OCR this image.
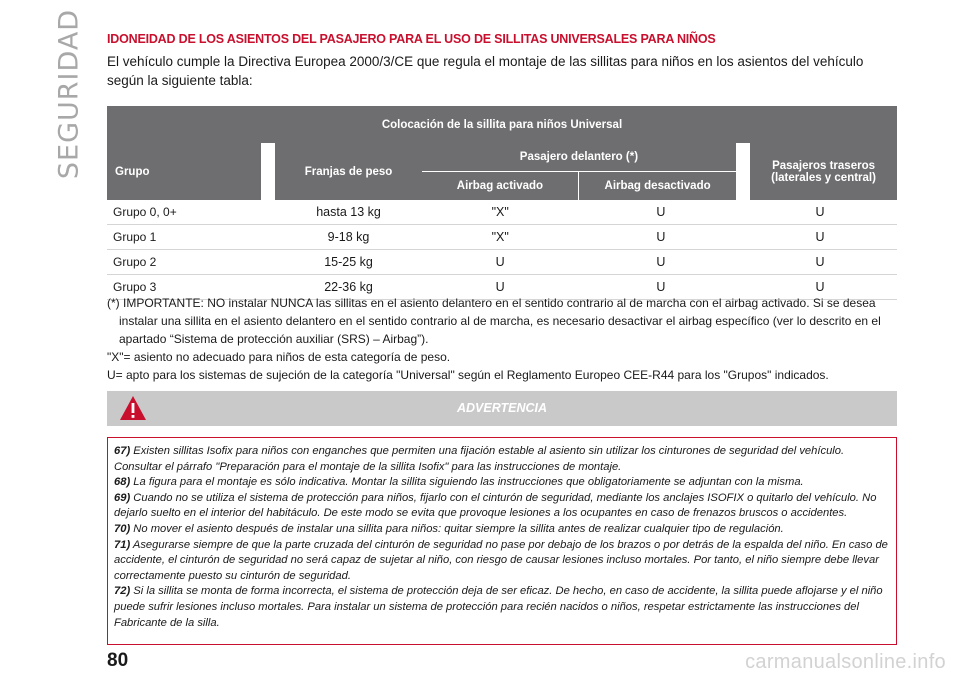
SEGURIDAD IDONEIDAD DE LOS ASIENTOS DEL PASAJERO PARA EL USO DE SILLITAS UNIVERSALES PARA NIÑOS
El vehículo cumple la Directiva Europea 2000/3/CE que regula el montaje de las sillitas para niños en los asientos del vehículo según la siguiente tabla:
Colocación de la sillita para niños Universal					
Grupo		Franjas de peso	Pasajero delantero (*)		Pasajeros traseros (laterales y central)
			Airbag activado	Airbag desactivado	
Grupo 0, 0+		hasta 13 kg	"X"	U	U
Grupo 1		9-18 kg	"X"	U	U
Grupo 2		15-25 kg	U	U	U
Grupo 3		22-36 kg	U	U	U

(*) IMPORTANTE: NO instalar NUNCA las sillitas en el asiento delantero en el sentido contrario al de marcha con el airbag activado. Si se desea instalar una sillita en el asiento delantero en el sentido contrario al de marcha, es necesario desactivar el airbag específico (ver lo descrito en el apartado “Sistema de protección auxiliar (SRS) – Airbag”).

"X"= asiento no adecuado para niños de esta categoría de peso.

U= apto para los sistemas de sujeción de la categoría "Universal" según el Reglamento Europeo CEE-R44 para los "Grupos" indicados.

ADVERTENCIA

67) Existen sillitas Isofix para niños con enganches que permiten una fijación estable al asiento sin utilizar los cinturones de seguridad del vehículo. Consultar el párrafo "Preparación para el montaje de la sillita Isofix" para las instrucciones de montaje.

68) La figura para el montaje es sólo indicativa. Montar la sillita siguiendo las instrucciones que obligatoriamente se adjuntan con la misma.

69) Cuando no se utiliza el sistema de protección para niños, fijarlo con el cinturón de seguridad, mediante los anclajes ISOFIX o quitarlo del vehículo. No dejarlo suelto en el interior del habitáculo. De este modo se evita que provoque lesiones a los ocupantes en caso de frenazos bruscos o accidentes.

70) No mover el asiento después de instalar una sillita para niños: quitar siempre la sillita antes de realizar cualquier tipo de regulación.

71) Asegurarse siempre de que la parte cruzada del cinturón de seguridad no pase por debajo de los brazos o por detrás de la espalda del niño. En caso de accidente, el cinturón de seguridad no será capaz de sujetar al niño, con riesgo de causar lesiones incluso mortales. Por tanto, el niño siempre debe llevar correctamente puesto su cinturón de seguridad.

72) Si la sillita se monta de forma incorrecta, el sistema de protección deja de ser eficaz. De hecho, en caso de accidente, la sillita puede aflojarse y el niño puede sufrir lesiones incluso mortales. Para instalar un sistema de protección para recién nacidos o niños, respetar estrictamente las instrucciones del Fabricante de la silla.

80	carmanualsonline.info
